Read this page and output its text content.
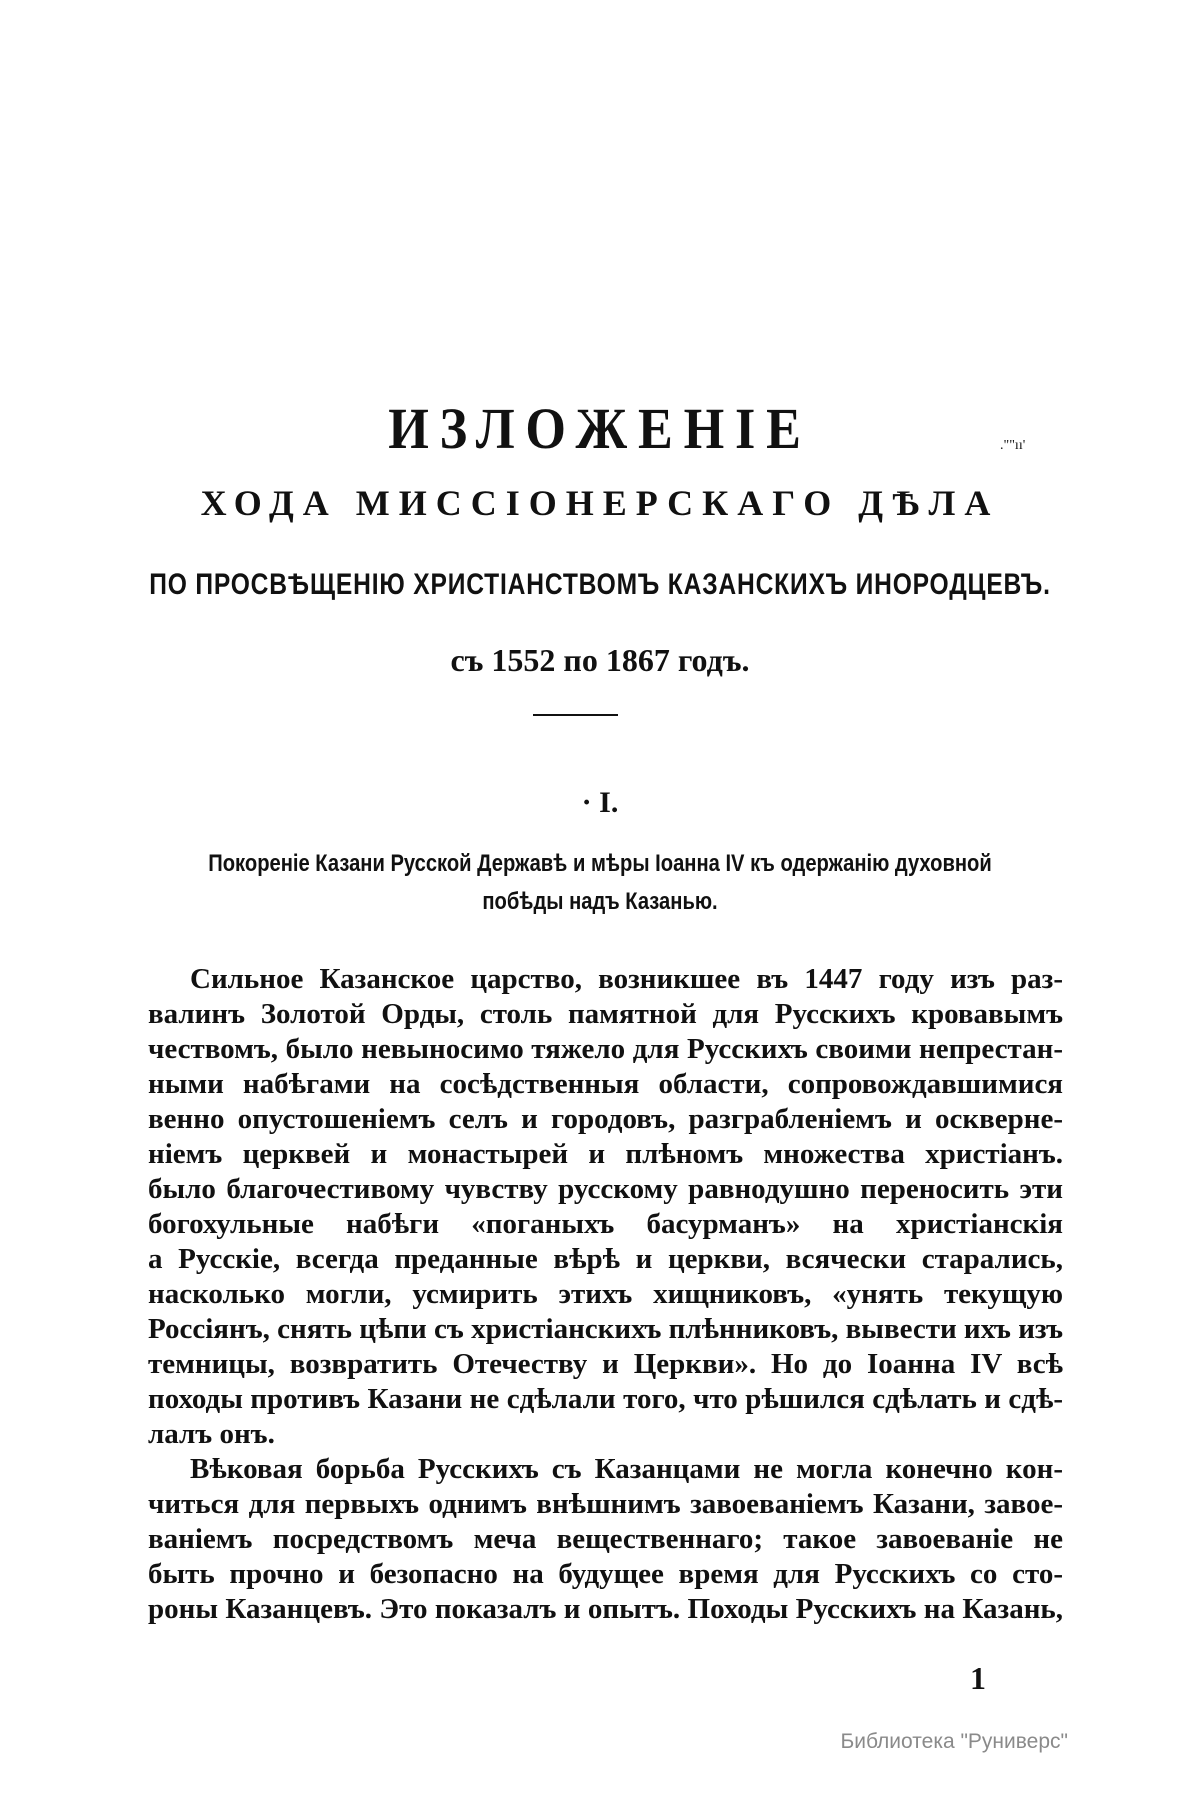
ИЗЛОЖЕНІЕ	.""ıı'
ХОДА МИССІОНЕРСКАГО ДѢЛА
ПО ПРОСВѢЩЕНІЮ ХРИСТІАНСТВОМЪ КАЗАНСКИХЪ ИНОРОДЦЕВЪ.
съ 1552 по 1867 годъ.
· I.
Покореніе Казани Русской Державѣ и мѣры Іоанна IV къ одержанію духовной
побѣды надъ Казанью.
Сильное Казанское царство, возникшее въ 1447 году изъ раз-
валинъ Золотой Орды, столь памятной для Русскихъ кровавымъ
чествомъ, было невыносимо тяжело для Русскихъ своими непрестан-
ными набѣгами на сосѣдственныя области, сопровождавшимися
венно опустошеніемъ селъ и городовъ, разграбленіемъ и оскверне-
ніемъ церквей и монастырей и плѣномъ множества христіанъ.
было благочестивому чувству русскому равнодушно переносить эти
богохульные набѣги «поганыхъ басурманъ» на христіанскія
а Русскіе, всегда преданные вѣрѣ и церкви, всячески старались,
насколько могли, усмирить этихъ хищниковъ, «унять текущую
Россіянъ, снять цѣпи съ христіанскихъ плѣнниковъ, вывести ихъ изъ
темницы, возвратить Отечеству и Церкви». Но до Іоанна IV всѣ
походы противъ Казани не сдѣлали того, что рѣшился сдѣлать и сдѣ-
лалъ онъ.
Вѣковая борьба Русскихъ съ Казанцами не могла конечно кон-
читься для первыхъ однимъ внѣшнимъ завоеваніемъ Казани, завое-
ваніемъ посредствомъ меча вещественнаго; такое завоеваніе не
быть прочно и безопасно на будущее время для Русскихъ со сто-
роны Казанцевъ. Это показалъ и опытъ. Походы Русскихъ на Казань,
1
Библиотека "Руниверс"
